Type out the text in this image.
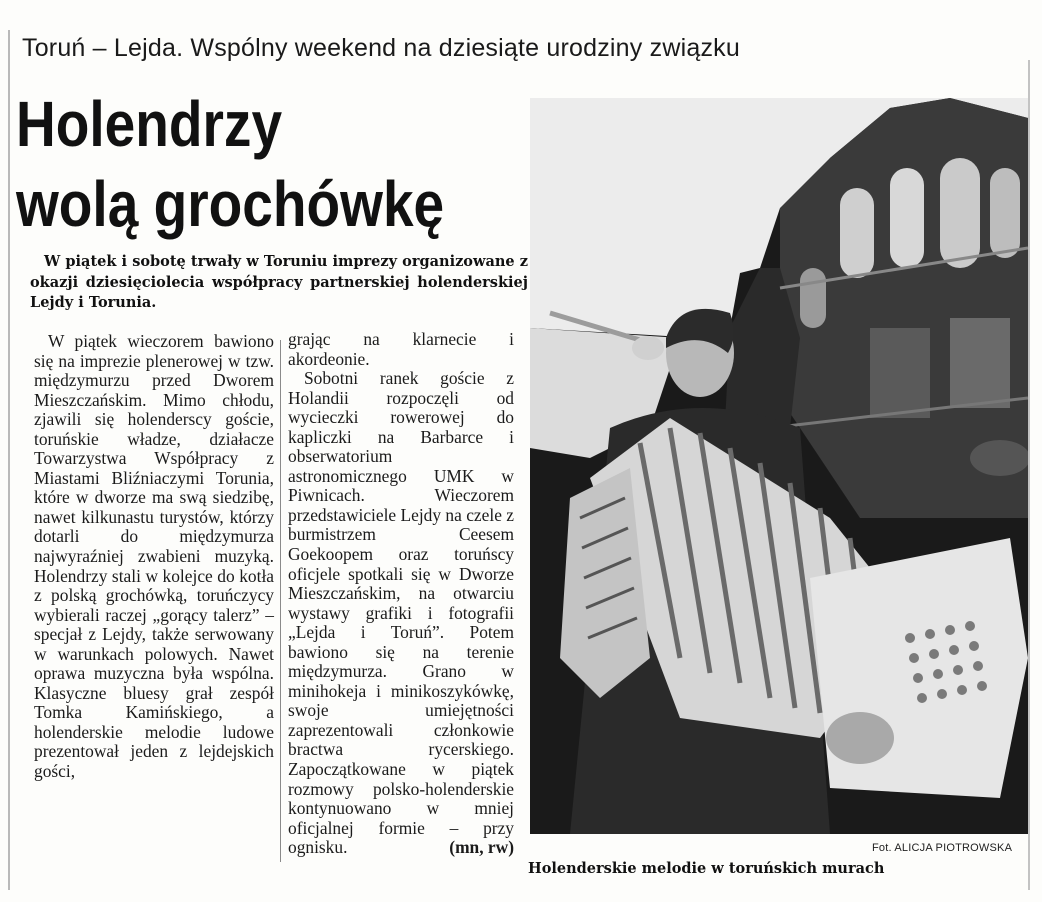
Toruń – Lejda. Wspólny weekend na dziesiąte urodziny związku
Holendrzy
wolą grochówkę
W piątek i sobotę trwały w Toruniu imprezy organizowane z okazji dziesięciolecia współpracy partnerskiej holenderskiej Lejdy i Torunia.
W piątek wieczorem bawiono się na imprezie plenerowej w tzw. międzymurzu przed Dworem Mieszczańskim. Mimo chłodu, zjawili się holenderscy goście, toruńskie władze, działacze Towarzystwa Współpracy z Miastami Bliźniaczymi Torunia, które w dworze ma swą siedzibę, nawet kilkunastu turystów, którzy dotarli do międzymurza najwyraźniej zwabieni muzyką. Holendrzy stali w kolejce do kotła z polską grochówką, toruńczycy wybierali raczej „gorący talerz” – specjał z Lejdy, także serwowany w warunkach polowych. Nawet oprawa muzyczna była wspólna. Klasyczne bluesy grał zespół Tomka Kamińskiego, a holenderskie melodie ludowe prezentował jeden z lejdejskich gości,

grając na klarnecie i akordeonie.

Sobotni ranek goście z Holandii rozpoczęli od wycieczki rowerowej do kapliczki na Barbarce i obserwatorium astronomicznego UMK w Piwnicach. Wieczorem przedstawiciele Lejdy na czele z burmistrzem Ceesem Goekoopem oraz toruńscy oficjele spotkali się w Dworze Mieszczańskim, na otwarciu wystawy grafiki i fotografii „Lejda i Toruń”. Potem bawiono się na terenie międzymurza. Grano w minihokeja i minikoszykówkę, swoje umiejętności zaprezentowali członkowie bractwa rycerskiego. Zapoczątkowane w piątek rozmowy polsko-holenderskie kontynuowano w mniej oficjalnej formie – przy ognisku.	(mn, rw)	Fot. ALICJA PIOTROWSKA
Holenderskie melodie w toruńskich murach
